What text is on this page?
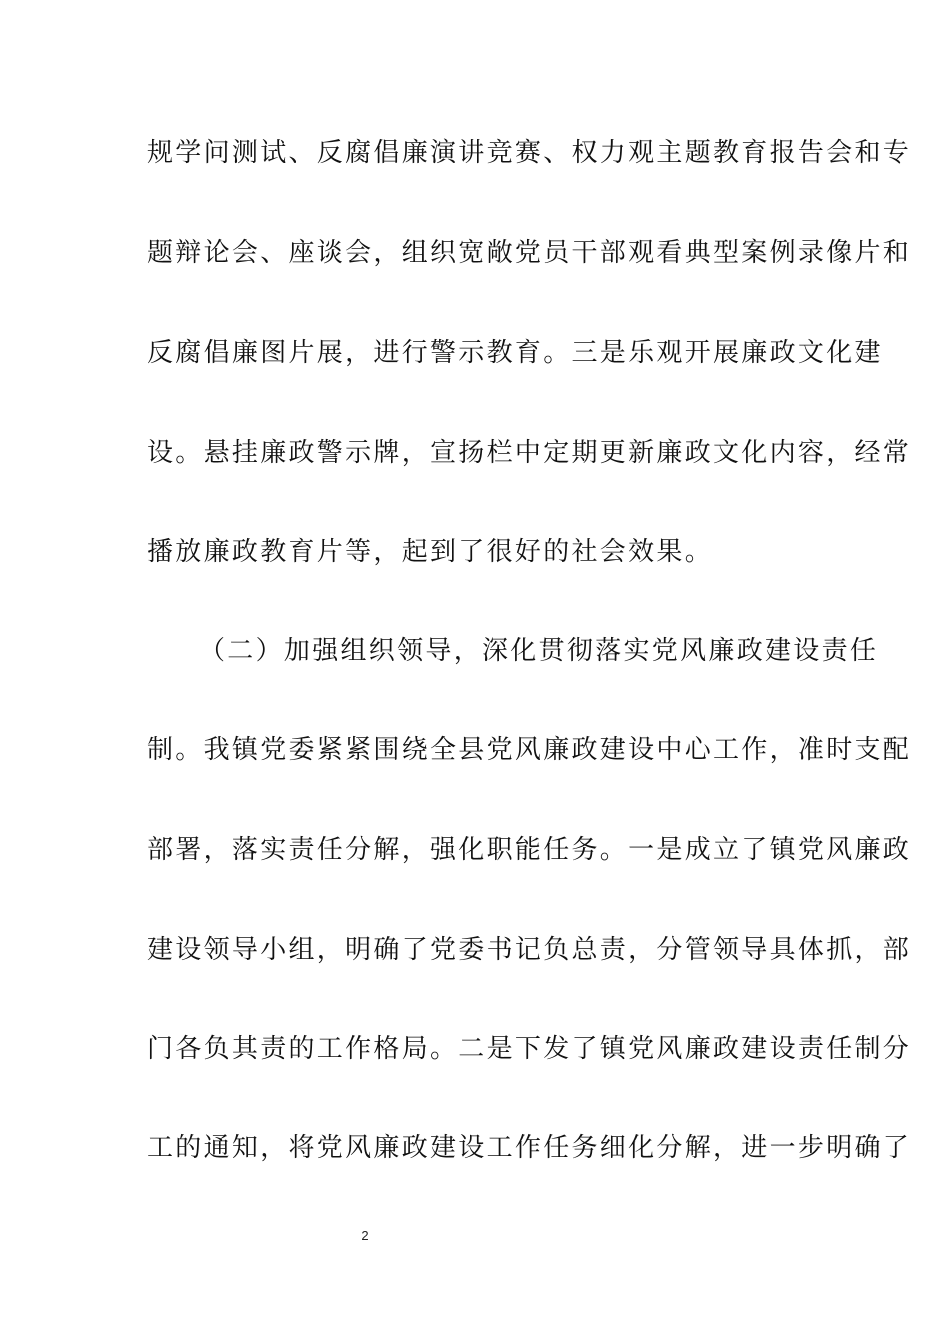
规学问测试、反腐倡廉演讲竞赛、权力观主题教育报告会和专
题辩论会、座谈会，组织宽敞党员干部观看典型案例录像片和
反腐倡廉图片展，进行警示教育。三是乐观开展廉政文化建
设。悬挂廉政警示牌，宣扬栏中定期更新廉政文化内容，经常
播放廉政教育片等，起到了很好的社会效果。
（二）加强组织领导，深化贯彻落实党风廉政建设责任
制。我镇党委紧紧围绕全县党风廉政建设中心工作，准时支配
部署，落实责任分解，强化职能任务。一是成立了镇党风廉政
建设领导小组，明确了党委书记负总责，分管领导具体抓，部
门各负其责的工作格局。二是下发了镇党风廉政建设责任制分
工的通知，将党风廉政建设工作任务细化分解，进一步明确了
2
